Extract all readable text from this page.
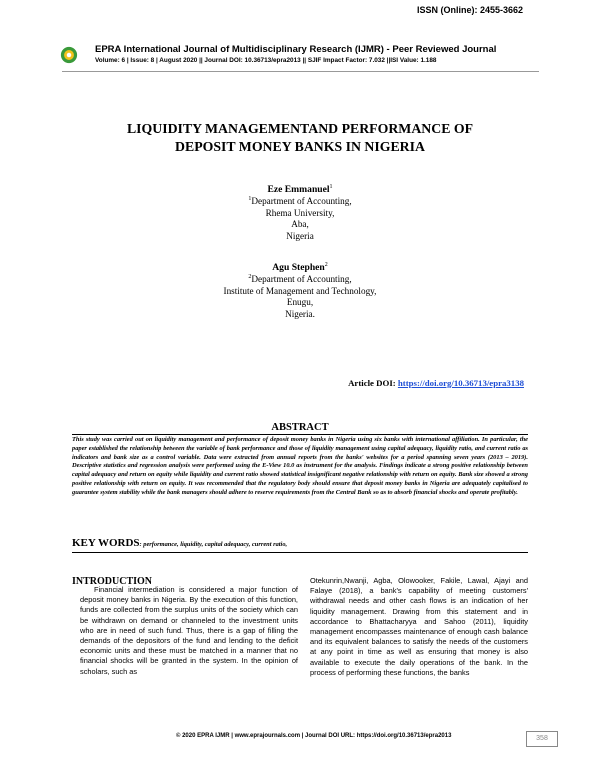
ISSN (Online): 2455-3662
EPRA International Journal of Multidisciplinary Research (IJMR) - Peer Reviewed Journal
Volume: 6 | Issue: 8 | August 2020 || Journal DOI: 10.36713/epra2013 || SJIF Impact Factor: 7.032 ||ISI Value: 1.188
LIQUIDITY MANAGEMENTAND PERFORMANCE OF
DEPOSIT MONEY BANKS IN NIGERIA
Eze Emmanuel$^1$
$^1$Department of Accounting,
Rhema University,
Aba,
Nigeria
Agu Stephen$^2$
$^2$Department of Accounting,
Institute of Management and Technology,
Enugu,
Nigeria.
Article DOI: https://doi.org/10.36713/epra3138
ABSTRACT
This study was carried out on liquidity management and performance of deposit money banks in Nigeria using six banks with international affiliation. In particular, the paper established the relationship between the variable of bank performance and those of liquidity management using capital adequacy, liquidity ratio, and current ratio as indicators and bank size as a control variable. Data were extracted from annual reports from the banks' websites for a period spanning seven years (2013 – 2019). Descriptive statistics and regression analysis were performed using the E-View 10.0 as instrument for the analysis. Findings indicate a strong positive relationship between capital adequacy and return on equity while liquidity and current ratio showed statistical insignificant negative relationship with return on equity. Bank size showed a strong positive relationship with return on equity. It was recommended that the regulatory body should ensure that deposit money banks in Nigeria are adequately capitalised to guarantee system stability while the bank managers should adhere to reserve requirements from the Central Bank so as to absorb financial shocks and operate profitably.
KEY WORDS: performance, liquidity, capital adequacy, current ratio,
INTRODUCTION

Financial intermediation is considered a major function of deposit money banks in Nigeria. By the execution of this function, funds are collected from the surplus units of the society which can be withdrawn on demand or channeled to the investment units who are in need of such fund. Thus, there is a gap of filling the demands of the depositors of the fund and lending to the deficit economic units and these must be matched in a manner that no financial shocks will be granted in the system. In the opinion of scholars, such as

Otekunrin,Nwanji, Agba, Olowooker, Fakile, Lawal, Ajayi and Falaye (2018), a bank's capability of meeting customers' withdrawal needs and other cash flows is an indication of her liquidity management. Drawing from this statement and in accordance to Bhattacharyya and Sahoo (2011), liquidity management encompasses maintenance of enough cash balance and its equivalent balances to satisfy the needs of the customers at any point in time as well as ensuring that money is also available to execute the daily operations of the bank. In the process of performing these functions, the banks

© 2020 EPRA IJMR | www.eprajournals.com | Journal DOI URL: https://doi.org/10.36713/epra2013	358
